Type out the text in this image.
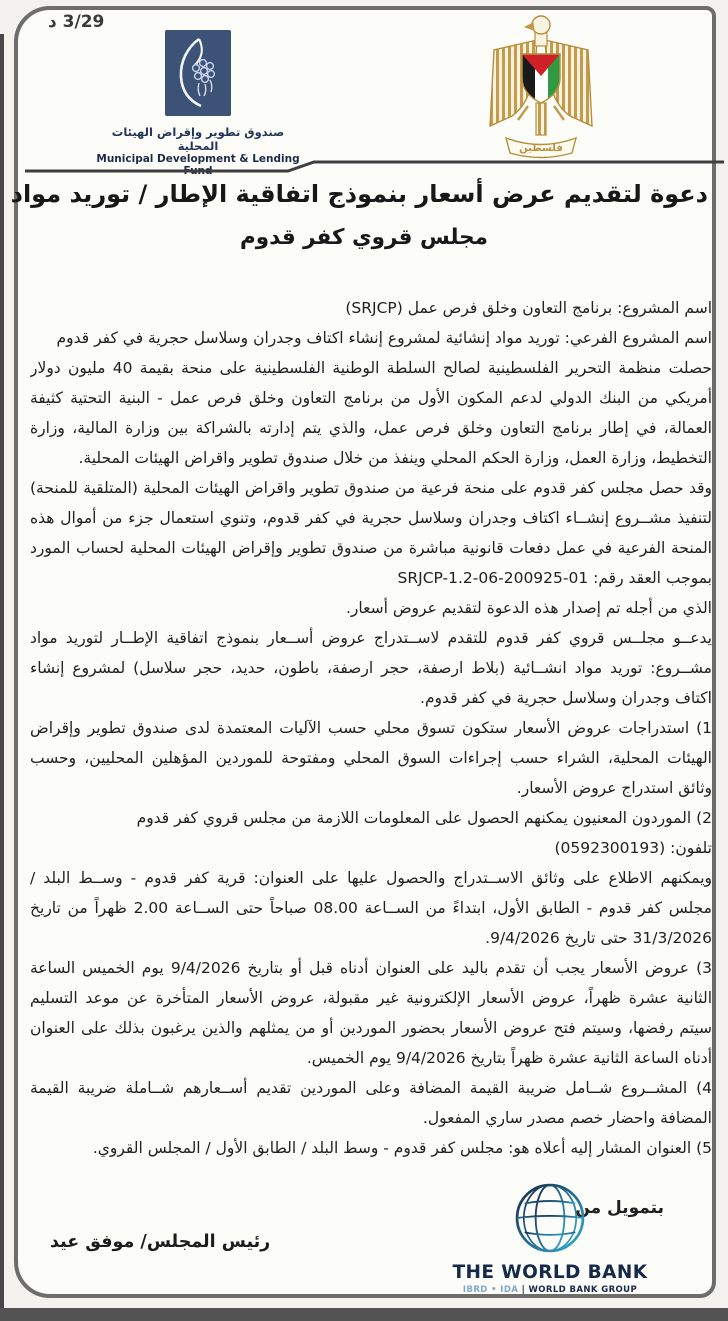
3/29 د
صندوق تطوير وإقراض الهيئات المحلية
Municipal Development & Lending Fund
فلسطين
دعوة لتقديم عرض أسعار بنموذج اتفاقية الإطار / توريد مواد
مجلس قروي كفر قدوم

اسم المشروع: برنامج التعاون وخلق فرص عمل (SRJCP)

اسم المشروع الفرعي: توريد مواد إنشائية لمشروع إنشاء اكتاف وجدران وسلاسل حجرية في كفر قدوم

حصلت منظمة التحرير الفلسطينية لصالح السلطة الوطنية الفلسطينية على منحة بقيمة 40 مليون دولار أمريكي من البنك الدولي لدعم المكون الأول من برنامج التعاون وخلق فرص عمل - البنية التحتية كثيفة العمالة، في إطار برنامج التعاون وخلق فرص عمل، والذي يتم إدارته بالشراكة بين وزارة المالية، وزارة التخطيط، وزارة العمل، وزارة الحكم المحلي وينفذ من خلال صندوق تطوير واقراض الهيئات المحلية.

وقد حصل مجلس كفر قدوم على منحة فرعية من صندوق تطوير واقراض الهيئات المحلية (المتلقية للمنحة) لتنفيذ مشــروع إنشــاء اكتاف وجدران وسلاسل حجرية في كفر قدوم، وتنوي استعمال جزء من أموال هذه المنحة الفرعية في عمل دفعات قانونية مباشرة من صندوق تطوير وإقراض الهيئات المحلية لحساب المورد بموجب العقد رقم: 01-200925-06-SRJCP-1.2

الذي من أجله تم إصدار هذه الدعوة لتقديم عروض أسعار.

يدعــو مجلــس قروي كفر قدوم للتقدم لاســتدراج عروض أســعار بنموذج اتفاقية الإطــار لتوريد مواد مشــروع: توريد مواد انشــائية (بلاط ارصفة، حجر ارصفة، باطون، حديد، حجر سلاسل) لمشروع إنشاء اكتاف وجدران وسلاسل حجرية في كفر قدوم.

1) استدراجات عروض الأسعار ستكون تسوق محلي حسب الآليات المعتمدة لدى صندوق تطوير وإقراض الهيئات المحلية، الشراء حسب إجراءات السوق المحلي ومفتوحة للموردين المؤهلين المحليين، وحسب وثائق استدراج عروض الأسعار.

2) الموردون المعنيون يمكنهم الحصول على المعلومات اللازمة من مجلس قروي كفر قدوم

تلفون: (0592300193)

ويمكنهم الاطلاع على وثائق الاســتدراج والحصول عليها على العنوان: قرية كفر قدوم - وســط البلد / مجلس كفر قدوم - الطابق الأول، ابتداءً من الســاعة 08.00 صباحاً حتى الســاعة 2.00 ظهراً من تاريخ 31/3/2026 حتى تاريخ 9/4/2026.

3) عروض الأسعار يجب أن تقدم باليد على العنوان أدناه قبل أو بتاريخ 9/4/2026 يوم الخميس الساعة الثانية عشرة ظهراً، عروض الأسعار الإلكترونية غير مقبولة، عروض الأسعار المتأخرة عن موعد التسليم سيتم رفضها، وسيتم فتح عروض الأسعار بحضور الموردين أو من يمثلهم والذين يرغبون بذلك على العنوان أدناه الساعة الثانية عشرة ظهراً بتاريخ 9/4/2026 يوم الخميس.

4) المشــروع شــامل ضريبة القيمة المضافة وعلى الموردين تقديم أســعارهم شــاملة ضريبة القيمة المضافة واحضار خصم مصدر ساري المفعول.

5) العنوان المشار إليه أعلاه هو: مجلس كفر قدوم - وسط البلد / الطابق الأول / المجلس القروي.

بتمويل من
رئيس المجلس/ موفق عيد
THE WORLD BANK
IBRD • IDA | WORLD BANK GROUP
